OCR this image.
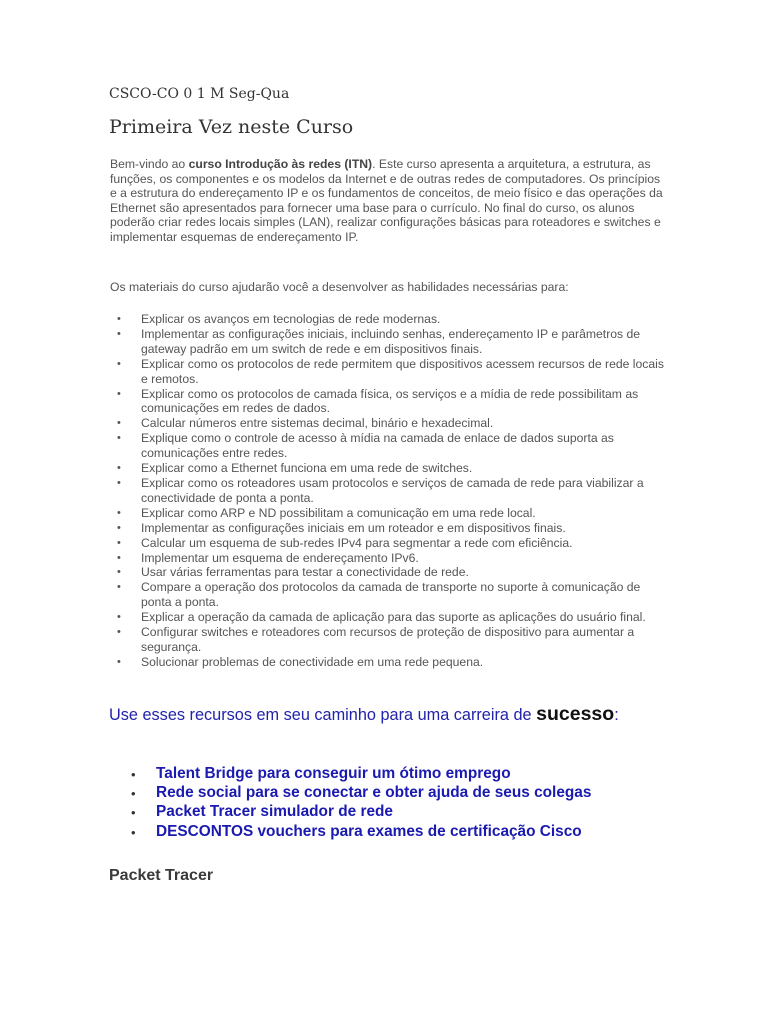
CSCO-CO 0 1 M Seg-Qua
Primeira Vez neste Curso

Bem-vindo ao curso Introdução às redes (ITN). Este curso apresenta a arquitetura, a estrutura, as funções, os componentes e os modelos da Internet e de outras redes de computadores. Os princípios e a estrutura do endereçamento IP e os fundamentos de conceitos, de meio físico e das operações da Ethernet são apresentados para fornecer uma base para o currículo. No final do curso, os alunos poderão criar redes locais simples (LAN), realizar configurações básicas para roteadores e switches e implementar esquemas de endereçamento IP.

Os materiais do curso ajudarão você a desenvolver as habilidades necessárias para:

• Explicar os avanços em tecnologias de rede modernas.
• Implementar as configurações iniciais, incluindo senhas, endereçamento IP e parâmetros de gateway padrão em um switch de rede e em dispositivos finais.
• Explicar como os protocolos de rede permitem que dispositivos acessem recursos de rede locais e remotos.
• Explicar como os protocolos de camada física, os serviços e a mídia de rede possibilitam as comunicações em redes de dados.
• Calcular números entre sistemas decimal, binário e hexadecimal.
• Explique como o controle de acesso à mídia na camada de enlace de dados suporta as comunicações entre redes.
• Explicar como a Ethernet funciona em uma rede de switches.
• Explicar como os roteadores usam protocolos e serviços de camada de rede para viabilizar a conectividade de ponta a ponta.
• Explicar como ARP e ND possibilitam a comunicação em uma rede local.
• Implementar as configurações iniciais em um roteador e em dispositivos finais.
• Calcular um esquema de sub-redes IPv4 para segmentar a rede com eficiência.
• Implementar um esquema de endereçamento IPv6.
• Usar várias ferramentas para testar a conectividade de rede.
• Compare a operação dos protocolos da camada de transporte no suporte à comunicação de ponta a ponta.
• Explicar a operação da camada de aplicação para das suporte as aplicações do usuário final.
• Configurar switches e roteadores com recursos de proteção de dispositivo para aumentar a segurança.
• Solucionar problemas de conectividade em uma rede pequena.
Use esses recursos em seu caminho para uma carreira de sucesso:
• Talent Bridge para conseguir um ótimo emprego
• Rede social para se conectar e obter ajuda de seus colegas
• Packet Tracer simulador de rede
• DESCONTOS vouchers para exames de certificação Cisco
Packet Tracer
